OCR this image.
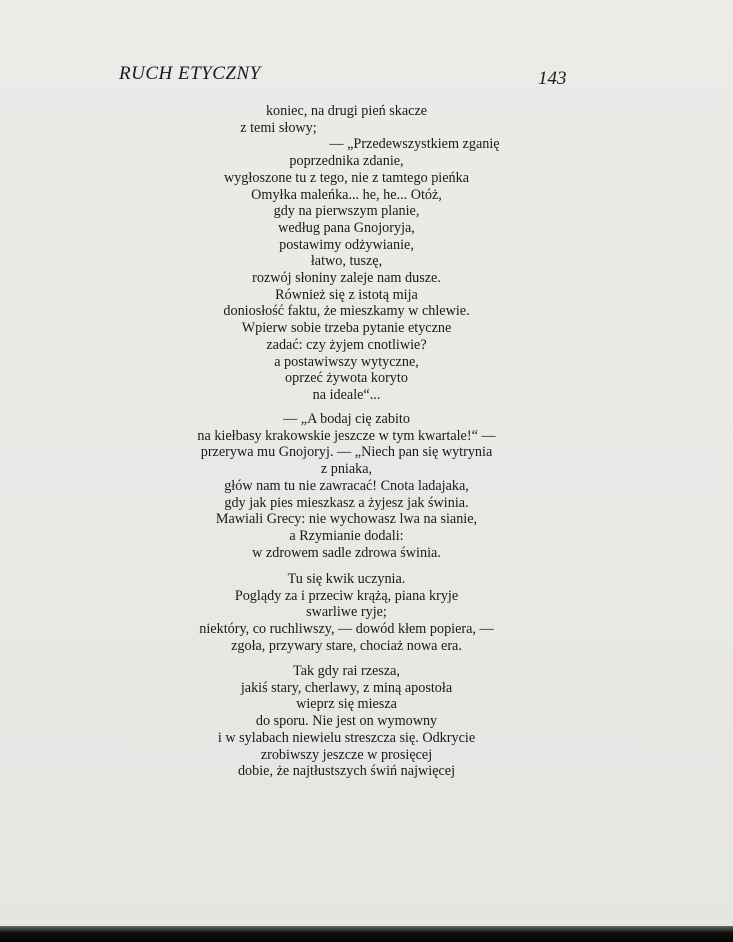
RUCH ETYCZNY	143
koniec, na drugi pień skacze
z temi słowy;
— „Przedewszystkiem zganię
poprzednika zdanie,
wygłoszone tu z tego, nie z tamtego pieńka
Omyłka maleńka... he, he... Otóż,
gdy na pierwszym planie,
według pana Gnojoryja,
postawimy odżywianie,
łatwo, tuszę,
rozwój słoniny zaleje nam dusze.
Również się z istotą mija
doniosłość faktu, że mieszkamy w chlewie.
Wpierw sobie trzeba pytanie etyczne
zadać: czy żyjem cnotliwie?
a postawiwszy wytyczne,
oprzeć żywota koryto
na ideale“...
— „A bodaj cię zabito
na kiełbasy krakowskie jeszcze w tym kwartale!“ —
przerywa mu Gnojoryj. — „Niech pan się wytrynia
z pniaka,
głów nam tu nie zawracać! Cnota ladajaka,
gdy jak pies mieszkasz a żyjesz jak świnia.
Mawiali Grecy: nie wychowasz lwa na sianie,
a Rzymianie dodali:
w zdrowem sadle zdrowa świnia.
Tu się kwik uczynia.
Poglądy za i przeciw krążą, piana kryje
swarliwe ryje;
niektóry, co ruchliwszy, — dowód kłem popiera, —
zgoła, przywary stare, chociaż nowa era.
Tak gdy rai rzesza,
jakiś stary, cherlawy, z miną apostoła
wieprz się miesza
do sporu. Nie jest on wymowny
i w sylabach niewielu streszcza się. Odkrycie
zrobiwszy jeszcze w prosięcej
dobie, że najtłustszych świń najwięcej
